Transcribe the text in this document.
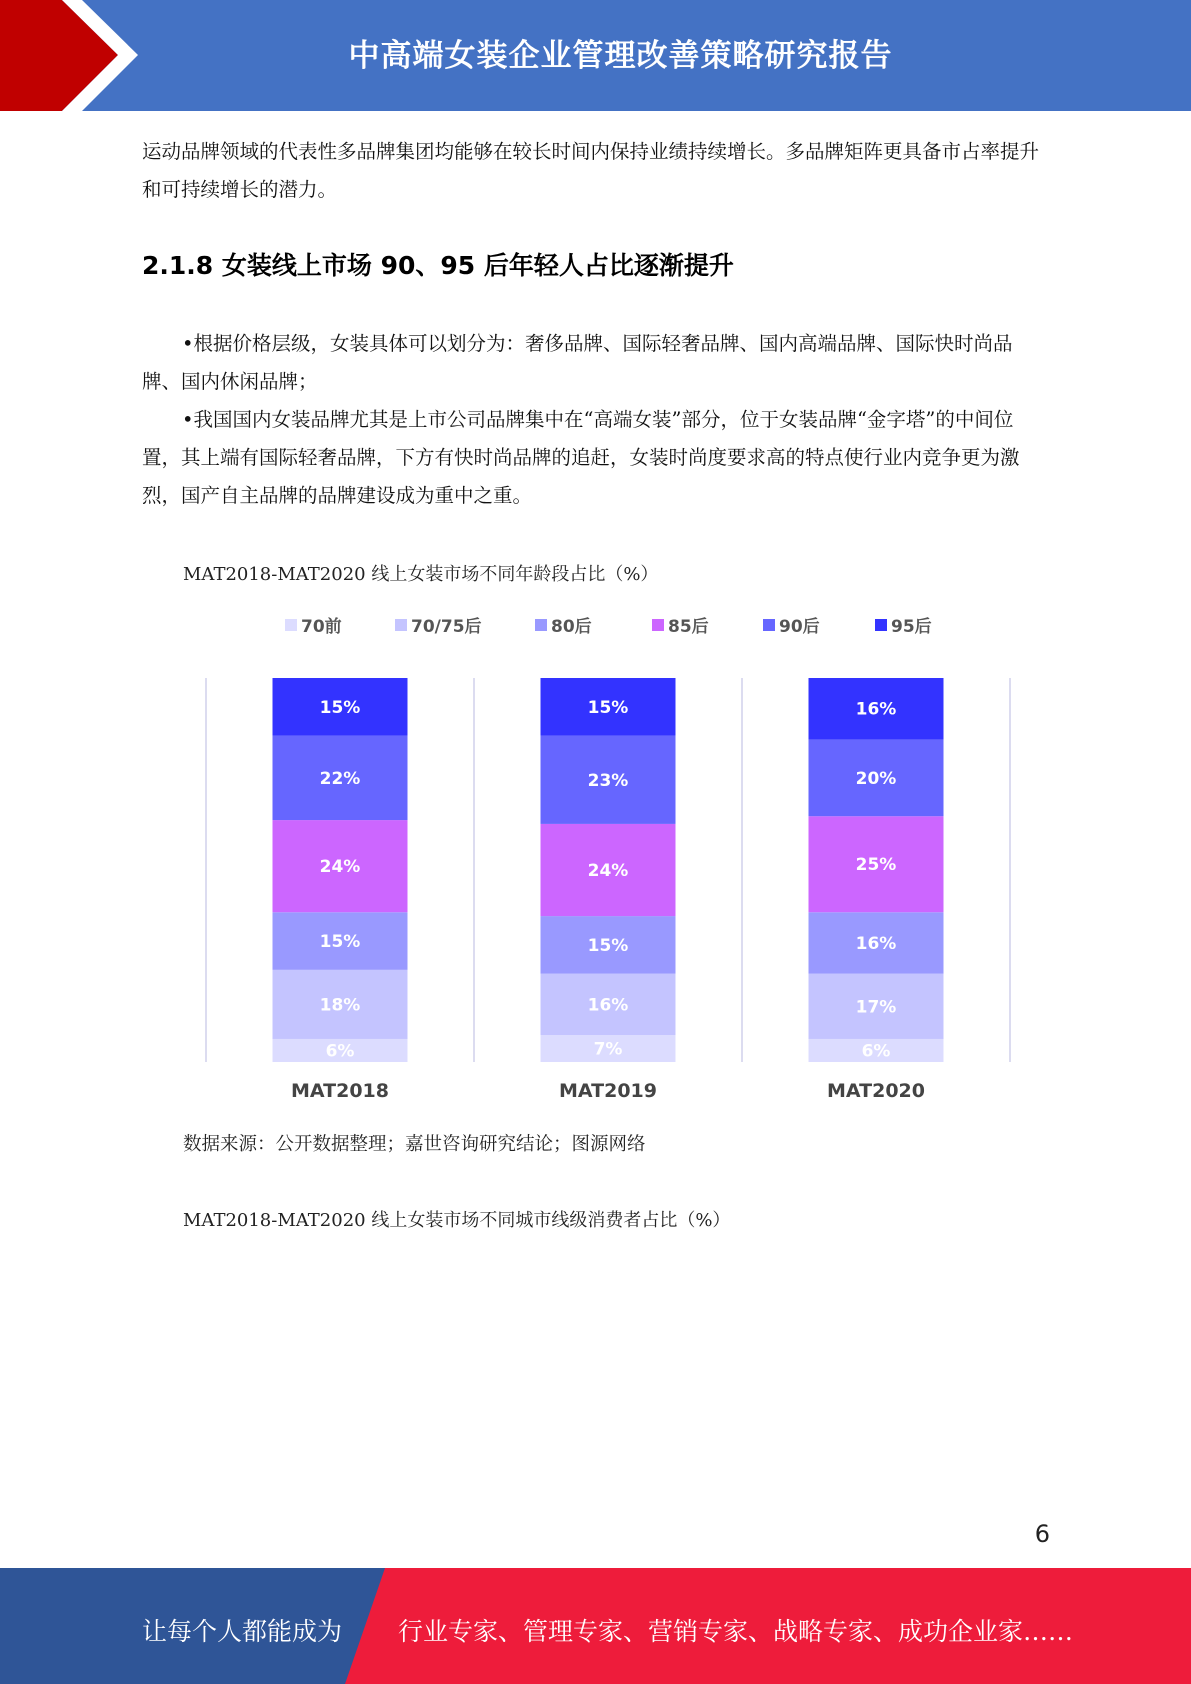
中高端女装企业管理改善策略研究报告
运动品牌领域的代表性多品牌集团均能够在较长时间内保持业绩持续增长。多品牌矩阵更具备市占率提升和可持续增长的潜力。
2.1.8 女装线上市场 90、95 后年轻人占比逐渐提升

•根据价格层级，女装具体可以划分为：奢侈品牌、国际轻奢品牌、国内高端品牌、国际快时尚品牌、国内休闲品牌；

•我国国内女装品牌尤其是上市公司品牌集中在“高端女装”部分，位于女装品牌“金字塔”的中间位置，其上端有国际轻奢品牌，下方有快时尚品牌的追赶，女装时尚度要求高的特点使行业内竞争更为激烈，国产自主品牌的品牌建设成为重中之重。

MAT2018-MAT2020 线上女装市场不同年龄段占比（%）
70前	70/75后	80后	85后	90后	95后
6%
18%
15%
24%
22%
15%
MAT2018
7%
16%
15%
24%
23%
15%
MAT2019
6%
17%
16%
25%
20%
16%
MAT2020
数据来源：公开数据整理；嘉世咨询研究结论；图源网络
MAT2018-MAT2020 线上女装市场不同城市线级消费者占比（%）
6
让每个人都能成为 行业专家、管理专家、营销专家、战略专家、成功企业家……
